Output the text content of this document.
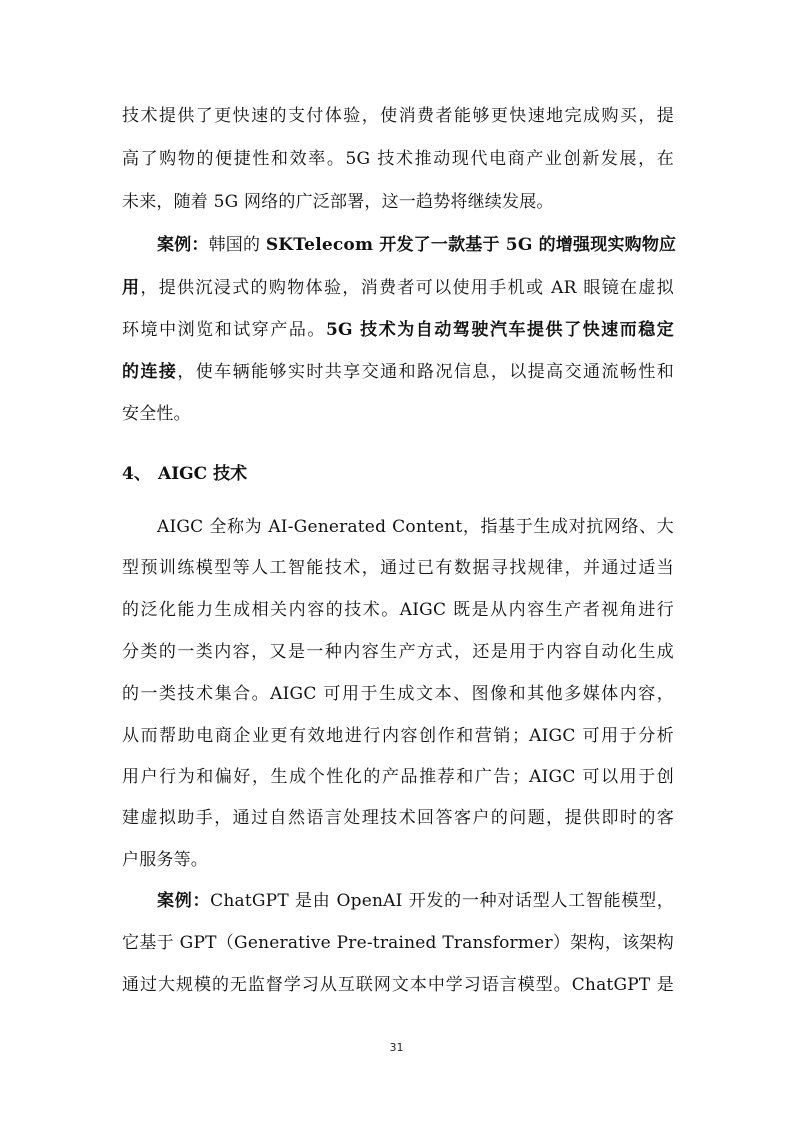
技术提供了更快速的支付体验，使消费者能够更快速地完成购买，提
高了购物的便捷性和效率。5G 技术推动现代电商产业创新发展，在
未来，随着 5G 网络的广泛部署，这一趋势将继续发展。
案例：韩国的 SKTelecom 开发了一款基于 5G 的增强现实购物应
用，提供沉浸式的购物体验，消费者可以使用手机或 AR 眼镜在虚拟
环境中浏览和试穿产品。5G 技术为自动驾驶汽车提供了快速而稳定
的连接，使车辆能够实时共享交通和路况信息，以提高交通流畅性和
安全性。
4、 AIGC 技术
AIGC 全称为 AI-Generated Content，指基于生成对抗网络、大
型预训练模型等人工智能技术，通过已有数据寻找规律，并通过适当
的泛化能力生成相关内容的技术。AIGC 既是从内容生产者视角进行
分类的一类内容，又是一种内容生产方式，还是用于内容自动化生成
的一类技术集合。AIGC 可用于生成文本、图像和其他多媒体内容，
从而帮助电商企业更有效地进行内容创作和营销；AIGC 可用于分析
用户行为和偏好，生成个性化的产品推荐和广告；AIGC 可以用于创
建虚拟助手，通过自然语言处理技术回答客户的问题，提供即时的客
户服务等。
案例：ChatGPT 是由 OpenAI 开发的一种对话型人工智能模型，
它基于 GPT（Generative Pre-trained Transformer）架构，该架构
通过大规模的无监督学习从互联网文本中学习语言模型。ChatGPT 是
31
